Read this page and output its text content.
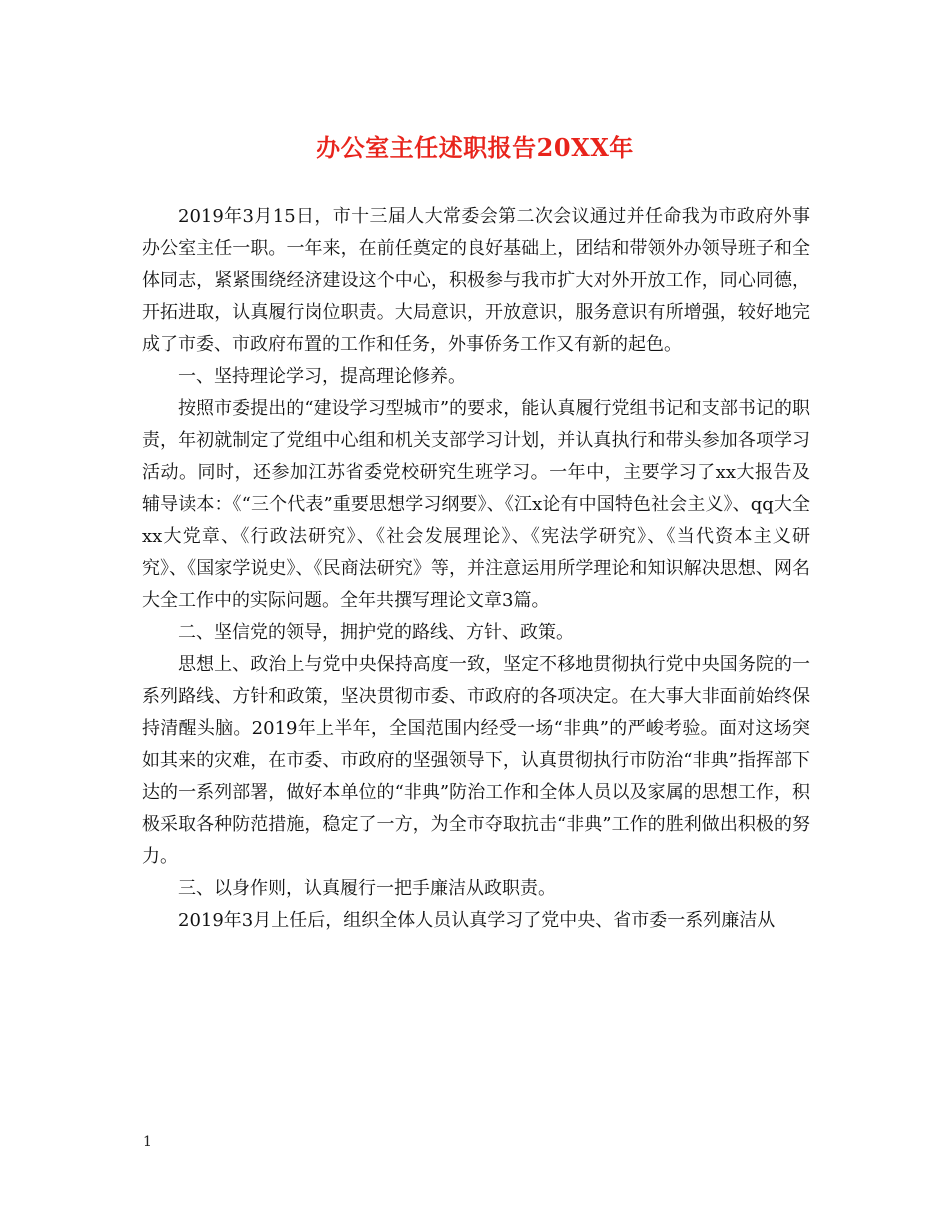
办公室主任述职报告20XX年

2019年3月15日，市十三届人大常委会第二次会议通过并任命我为市政府外事办公室主任一职。一年来，在前任奠定的良好基础上，团结和带领外办领导班子和全体同志，紧紧围绕经济建设这个中心，积极参与我市扩大对外开放工作，同心同德，开拓进取，认真履行岗位职责。大局意识，开放意识，服务意识有所增强，较好地完成了市委、市政府布置的工作和任务，外事侨务工作又有新的起色。

一、坚持理论学习，提高理论修养。

按照市委提出的“建设学习型城市”的要求，能认真履行党组书记和支部书记的职责，年初就制定了党组中心组和机关支部学习计划，并认真执行和带头参加各项学习活动。同时，还参加江苏省委党校研究生班学习。一年中，主要学习了xx大报告及辅导读本：《“三个代表”重要思想学习纲要》、《江x论有中国特色社会主义》、qq大全xx大党章、《行政法研究》、《社会发展理论》、《宪法学研究》、《当代资本主义研究》、《国家学说史》、《民商法研究》等，并注意运用所学理论和知识解决思想、网名大全工作中的实际问题。全年共撰写理论文章3篇。

二、坚信党的领导，拥护党的路线、方针、政策。

思想上、政治上与党中央保持高度一致，坚定不移地贯彻执行党中央国务院的一系列路线、方针和政策，坚决贯彻市委、市政府的各项决定。在大事大非面前始终保持清醒头脑。2019年上半年，全国范围内经受一场“非典”的严峻考验。面对这场突如其来的灾难，在市委、市政府的坚强领导下，认真贯彻执行市防治“非典”指挥部下达的一系列部署，做好本单位的“非典”防治工作和全体人员以及家属的思想工作，积极采取各种防范措施，稳定了一方，为全市夺取抗击“非典”工作的胜利做出积极的努力。

三、以身作则，认真履行一把手廉洁从政职责。

2019年3月上任后，组织全体人员认真学习了党中央、省市委一系列廉洁从

1
